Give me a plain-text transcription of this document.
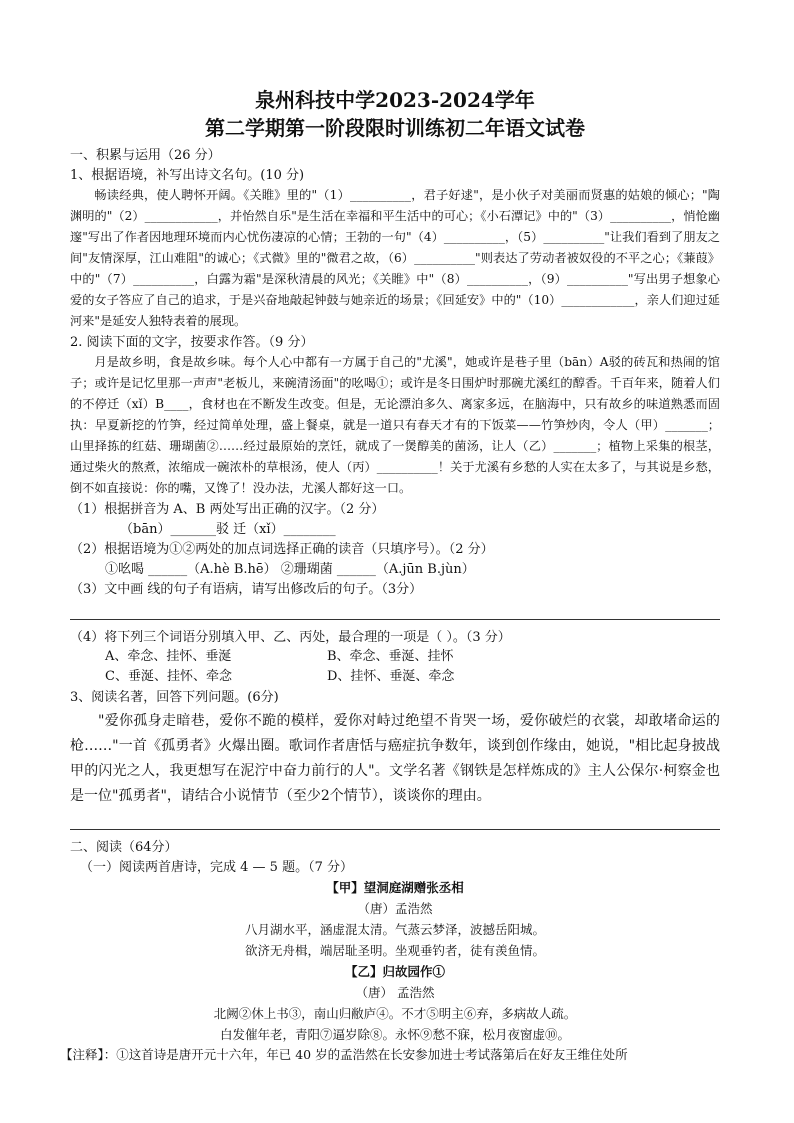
泉州科技中学2023-2024学年

第二学期第一阶段限时训练初二年语文试卷

一、积累与运用（26 分）

1、根据语境，补写出诗文名句。(10 分)

畅读经典，使人聘怀开阔。《关睢》里的"（1）__________，君子好逑"，是小伙子对美丽而贤惠的姑娘的倾心；"陶渊明的"（2）____________，并怡然自乐"是生活在幸福和平生活中的可心；《小石潭记》中的"（3）__________，悄怆幽邃"写出了作者因地理环境而内心忧伤凄凉的心情；王勃的一句"（4）__________，（5）__________"让我们看到了朋友之间"友情深厚，江山难阻"的诚心；《式微》里的"微君之故，（6）__________"则表达了劳动者被奴役的不平之心；《蒹葭》中的"（7）__________，白露为霜"是深秋清晨的风光；《关睢》中"（8）__________，（9）__________"写出男子想象心爱的女子答应了自己的追求，于是兴奋地敲起钟鼓与她亲近的场景；《回延安》中的"（10）____________，亲人们迎过延河来"是延安人独特表着的展现。

2. 阅读下面的文字，按要求作答。（9 分）

月是故乡明，食是故乡味。每个人心中都有一方属于自己的"尤溪"，她或许是巷子里（bān）A驳的砖瓦和热闹的馆子；或许是记忆里那一声声"老板儿，来碗清汤面"的吆喝①；或许是冬日围炉时那碗尤溪红的醇香。千百年来，随着人们的不停迁（xǐ）B____，食材也在不断发生改变。但是，无论漂泊多久、离家多远，在脑海中，只有故乡的味道熟悉而固执：早夏新挖的竹笋，经过简单处理，盛上餐桌，就是一道只有春天才有的下饭菜——竹笋炒肉，令人（甲）_______；山里择拣的红菇、珊瑚菌②……经过最原始的烹饪，就成了一煲醇美的菌汤，让人（乙）_______；植物上采集的根茎，通过柴火的熬煮，浓缩成一碗浓朴的草根汤，使人（丙）__________！关于尤溪有乡愁的人实在太多了，与其说是乡愁，倒不如直接说：你的嘴，又馋了！没办法，尤溪人都好这一口。

（1）根据拼音为 A、B 两处写出正确的汉字。（2 分）

（bān）_______驳 迁（xǐ）________

（2）根据语境为①②两处的加点词选择正确的读音（只填序号）。（2 分）

①吆喝 ______（A.hè B.hē） ②珊瑚菌 ______（A.jūn B.jùn）

（3）文中画 线的句子有语病，请写出修改后的句子。（3分）

（4）将下列三个词语分别填入甲、乙、丙处，最合理的一项是（ ）。（3 分）

A、牵念、挂怀、垂涎	B、牵念、垂涎、挂怀
C、垂涎、挂怀、牵念	D、挂怀、垂涎、牵念

3、阅读名著，回答下列问题。(6分)

"爱你孤身走暗巷，爱你不跪的模样，爱你对峙过绝望不肯哭一场，爱你破烂的衣裳，却敢堵命运的枪……"一首《孤勇者》火爆出圈。歌词作者唐恬与癌症抗争数年，谈到创作缘由，她说，"相比起身披战甲的闪光之人，我更想写在泥泞中奋力前行的人"。文学名著《钢铁是怎样炼成的》主人公保尔·柯察金也是一位"孤勇者"，请结合小说情节（至少2个情节），谈谈你的理由。

二、阅读（64分）

（一）阅读两首唐诗，完成 4 — 5 题。（7 分）

【甲】望洞庭湖赠张丞相

（唐）孟浩然

八月湖水平，涵虚混太清。气蒸云梦泽，波撼岳阳城。

欲济无舟楫，端居耻圣明。坐观垂钓者，徒有羡鱼情。

【乙】归故园作①

（唐） 孟浩然

北阙②休上书③，南山归敝庐④。不才⑤明主⑥弃，多病故人疏。

白发催年老，青阳⑦逼岁除⑧。永怀⑨愁不寐，松月夜窗虚⑩。

【注释】：①这首诗是唐开元十六年，年已 40 岁的孟浩然在长安参加进士考试落第后在好友王维住处所
